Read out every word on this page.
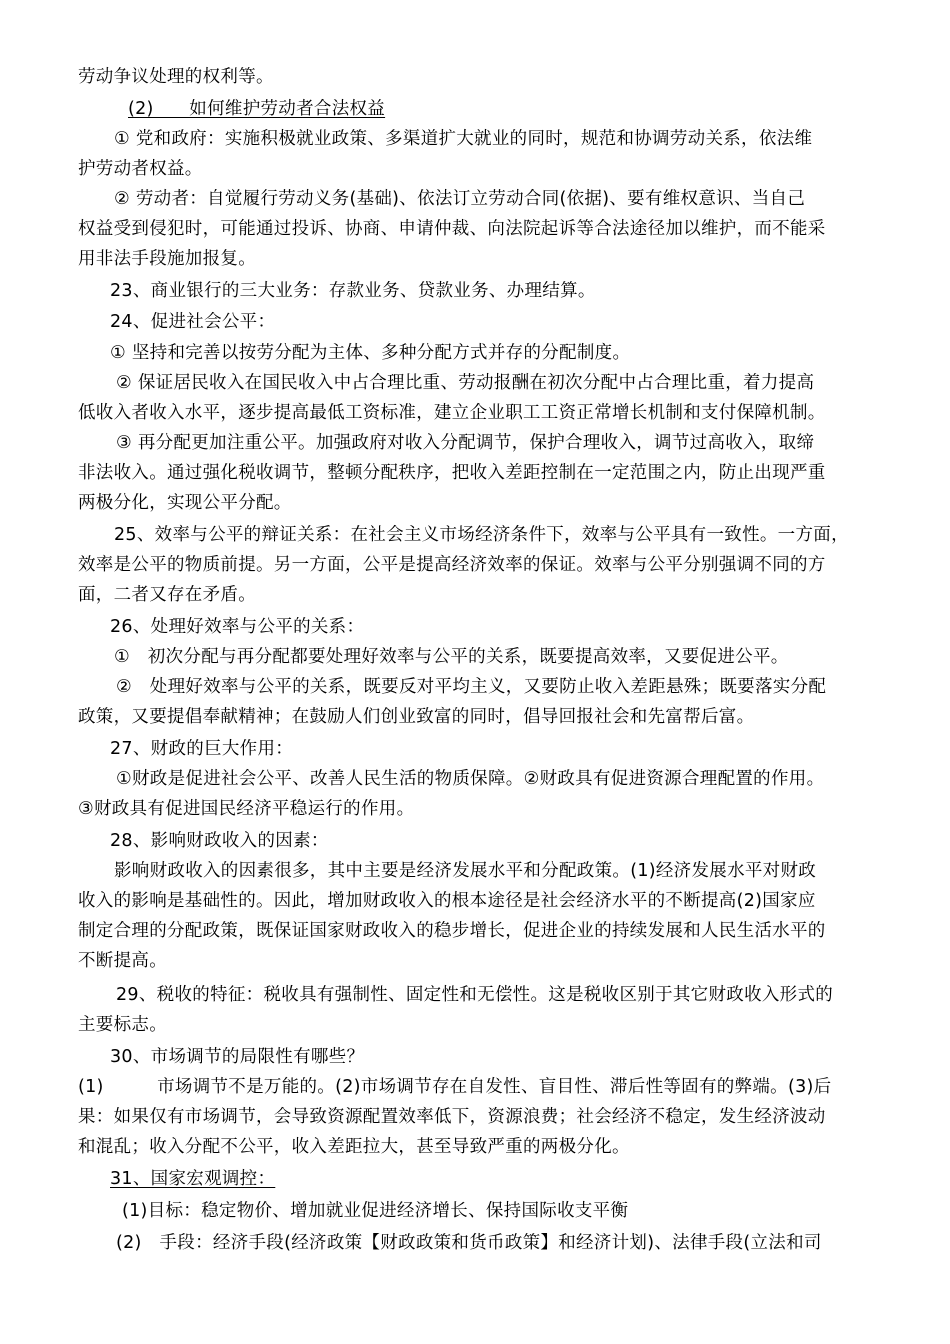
劳动争议处理的权利等。
(2)　　如何维护劳动者合法权益
① 党和政府：实施积极就业政策、多渠道扩大就业的同时，规范和协调劳动关系，依法维
护劳动者权益。
② 劳动者：自觉履行劳动义务(基础)、依法订立劳动合同(依据)、要有维权意识、当自己
权益受到侵犯时，可能通过投诉、协商、申请仲裁、向法院起诉等合法途径加以维护，而不能采
用非法手段施加报复。
23、商业银行的三大业务：存款业务、贷款业务、办理结算。
24、促进社会公平：
① 坚持和完善以按劳分配为主体、多种分配方式并存的分配制度。
② 保证居民收入在国民收入中占合理比重、劳动报酬在初次分配中占合理比重，着力提高
低收入者收入水平，逐步提高最低工资标准，建立企业职工工资正常增长机制和支付保障机制。
③ 再分配更加注重公平。加强政府对收入分配调节，保护合理收入，调节过高收入，取缔
非法收入。通过强化税收调节，整顿分配秩序，把收入差距控制在一定范围之内，防止出现严重
两极分化，实现公平分配。
25、效率与公平的辩证关系：在社会主义市场经济条件下，效率与公平具有一致性。一方面，
效率是公平的物质前提。另一方面，公平是提高经济效率的保证。效率与公平分别强调不同的方
面，二者又存在矛盾。
26、处理好效率与公平的关系：
①　初次分配与再分配都要处理好效率与公平的关系，既要提高效率，又要促进公平。
②　处理好效率与公平的关系，既要反对平均主义，又要防止收入差距悬殊；既要落实分配
政策，又要提倡奉献精神；在鼓励人们创业致富的同时，倡导回报社会和先富帮后富。
27、财政的巨大作用：
①财政是促进社会公平、改善人民生活的物质保障。②财政具有促进资源合理配置的作用。
③财政具有促进国民经济平稳运行的作用。
28、影响财政收入的因素：
影响财政收入的因素很多，其中主要是经济发展水平和分配政策。(1)经济发展水平对财政
收入的影响是基础性的。因此，增加财政收入的根本途径是社会经济水平的不断提高(2)国家应
制定合理的分配政策，既保证国家财政收入的稳步增长，促进企业的持续发展和人民生活水平的
不断提高。
29、税收的特征：税收具有强制性、固定性和无偿性。这是税收区别于其它财政收入形式的
主要标志。
30、市场调节的局限性有哪些？
(1)　　　市场调节不是万能的。(2)市场调节存在自发性、盲目性、滞后性等固有的弊端。(3)后
果：如果仅有市场调节，会导致资源配置效率低下，资源浪费；社会经济不稳定，发生经济波动
和混乱；收入分配不公平，收入差距拉大，甚至导致严重的两极分化。
31、国家宏观调控：
(1)目标：稳定物价、增加就业促进经济增长、保持国际收支平衡
(2)　手段：经济手段(经济政策【财政政策和货币政策】和经济计划)、法律手段(立法和司
